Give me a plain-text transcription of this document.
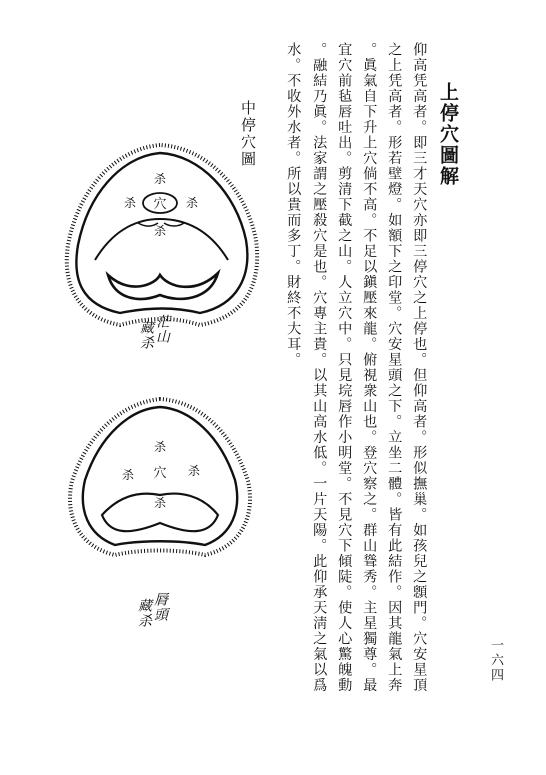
上停穴圖解
仰高凭高者。即三才天穴亦即三停穴之上停也。但仰高者。形似撫巢。如孩兒之顖門。穴安星頂
之上凭高者。形若壁燈。如額下之印堂。穴安星頭之下。立坐二體。皆有此結作。因其龍氣上奔
。眞氣自下升上穴倘不高。不足以鎭壓來龍。俯視衆山也。登穴察之。群山聳秀。主星獨尊。最
宜穴前毡唇吐出。剪清下截之山。人立穴中。只見垸唇作小明堂。不見穴下傾陡。使人心驚魄動
。融結乃眞。法家謂之壓殺穴是也。穴專主貴。以其山高水低。一片天陽。此仰承天淸之氣以爲
水。不收外水者。所以貴而多丁。財終不大耳。
中停穴圖
杀
穴
杀	杀
杀
茫山
藏杀
杀
穴
杀	杀
杀
脣頭
藏杀
一六四
